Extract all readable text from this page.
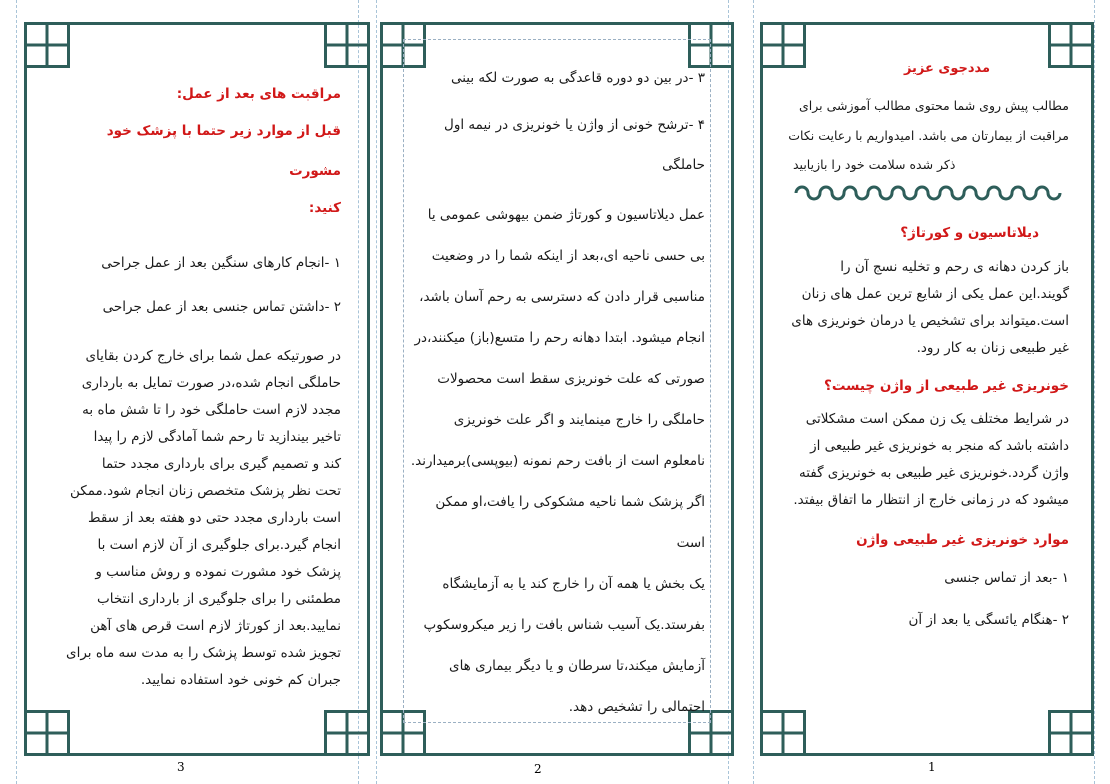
مراقبت های بعد از عمل:

قبل از موارد زیر حتما با پزشک خود مشورت

کنید:

۱ -انجام کارهای سنگین بعد از عمل جراحی

۲ -داشتن تماس جنسی بعد از عمل جراحی

در صورتیکه عمل شما برای خارج کردن بقایای

حاملگی انجام شده،در صورت تمایل به بارداری

مجدد لازم است حاملگی خود را تا شش ماه به

تاخیر بیندازید تا رحم شما آمادگی لازم را پیدا

کند و تصمیم گیری برای بارداری مجدد حتما

تحت نظر پزشک متخصص زنان انجام شود.ممکن

است بارداری مجدد حتی دو هفته بعد از سقط

انجام گیرد.برای جلوگیری از آن لازم است با

پزشک خود مشورت نموده و روش مناسب و

مطمئنی را برای جلوگیری از بارداری انتخاب

نمایید.بعد از کورتاژ لازم است قرص های آهن

تجویز شده توسط پزشک را به مدت سه ماه برای

جبران کم خونی خود استفاده نمایید.

3

۳ -در بین دو دوره قاعدگی به صورت لکه بینی

۴ -ترشح خونی از واژن یا خونریزی در نیمه اول

حاملگی

عمل دیلاتاسیون و کورتاژ ضمن بیهوشی عمومی یا

بی حسی ناحیه ای،بعد از اینکه شما را در وضعیت

مناسبی قرار دادن که دسترسی به رحم آسان باشد،

انجام میشود. ابتدا دهانه رحم را متسع(باز) میکنند،در

صورتی که علت خونریزی سقط است محصولات

حاملگی را خارج مینمایند و اگر علت خونریزی

نامعلوم است از بافت رحم نمونه (بیوپسی)برمیدارند.

اگر پزشک شما ناحیه مشکوکی را یافت،او ممکن است

یک بخش یا همه آن را خارج کند یا به آزمایشگاه

بفرستد.یک آسیب شناس بافت را زیر میکروسکوپ

آزمایش میکند،تا سرطان و یا دیگر بیماری های

احتمالی را تشخیص دهد.

2

مددجوی عزیز

مطالب پیش روی شما محتوی مطالب آموزشی برای

مراقبت از بیمارتان می باشد. امیدواریم با رعایت نکات

ذکر شده سلامت خود را بازیابید

دیلاتاسیون و کورتاژ؟

باز کردن دهانه ی رحم و تخلیه نسج آن را

گویند.این عمل یکی از شایع ترین عمل های زنان

است.میتواند برای تشخیص یا درمان خونریزی های

غیر طبیعی زنان به کار رود.

خونریزی غیر طبیعی از واژن چیست؟

در شرایط مختلف یک زن ممکن است مشکلاتی

داشته باشد که منجر به خونریزی غیر طبیعی از

واژن گردد.خونریزی غیر طبیعی به خونریزی گفته

میشود که در زمانی خارج از انتظار ما اتفاق بیفتد.

موارد خونریزی غیر طبیعی واژن

۱ -بعد از تماس جنسی

۲ -هنگام یائسگی یا بعد از آن

1
